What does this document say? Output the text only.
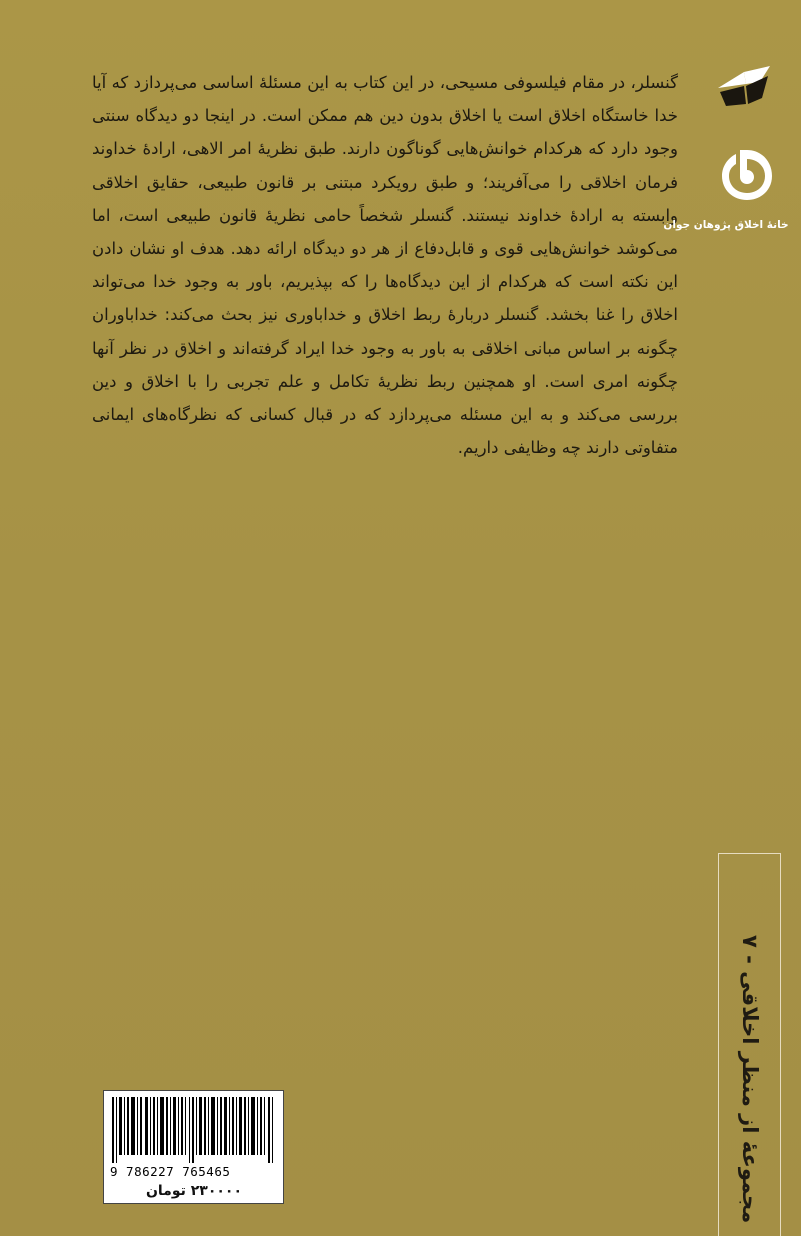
گنسلر، در مقام فیلسوفی مسیحی، در این کتاب به این مسئلۀ اساسی می‌پردازد که آیا خدا خاستگاه اخلاق است یا اخلاق بدون دین هم ممکن است. در اینجا دو دیدگاه سنتی وجود دارد که هرکدام خوانش‌هایی گوناگون دارند. طبق نظریۀ امر الاهی، ارادۀ خداوند فرمان اخلاقی را می‌آفریند؛ و طبق رویکرد مبتنی بر قانون طبیعی، حقایق اخلاقی وابسته به ارادۀ خداوند نیستند. گنسلر شخصاً حامی نظریۀ قانون طبیعی است، اما می‌کوشد خوانش‌هایی قوی و قابل‌دفاع از هر دو دیدگاه ارائه دهد. هدف او نشان دادن این نکته است که هرکدام از این دیدگاه‌ها را که بپذیریم، باور به وجود خدا می‌تواند اخلاق را غنا بخشد. گنسلر دربارۀ ربط اخلاق و خداباوری نیز بحث می‌کند: خداباوران چگونه بر اساس مبانی اخلاقی به باور به وجود خدا ایراد گرفته‌اند و اخلاق در نظر آنها چگونه امری است. او همچنین ربط نظریۀ تکامل و علم تجربی را با اخلاق و دین بررسی می‌کند و به این مسئله می‌پردازد که در قبال کسانی که نظرگاه‌های ایمانی متفاوتی دارند چه وظایفی داریم.

خانۀ اخلاق پژوهان جوان
مجموعۀ از منظر اخلاقی - ۷
9 786227 765465
۲۳۰۰۰۰ تومان
